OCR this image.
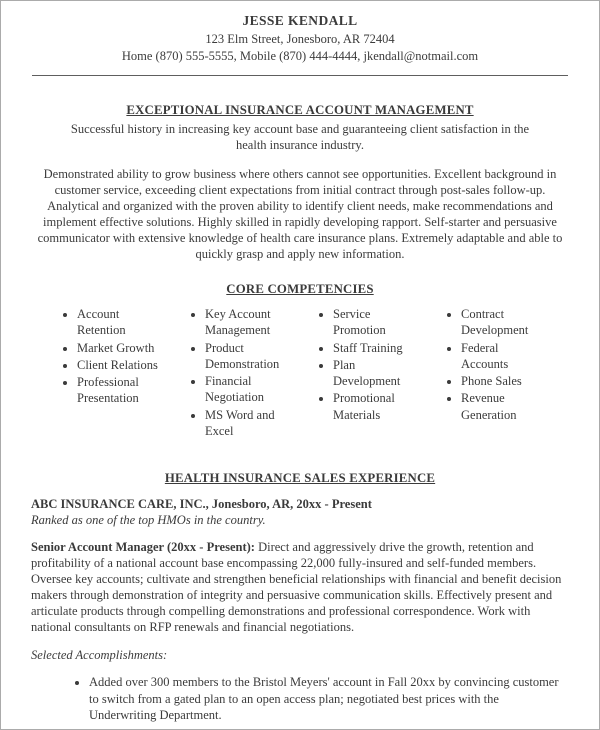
JESSE KENDALL
123 Elm Street, Jonesboro, AR 72404
Home (870) 555-5555, Mobile (870) 444-4444, jkendall@notmail.com
EXCEPTIONAL INSURANCE ACCOUNT MANAGEMENT

Successful history in increasing key account base and guaranteeing client satisfaction in the health insurance industry.

Demonstrated ability to grow business where others cannot see opportunities. Excellent background in customer service, exceeding client expectations from initial contract through post-sales follow-up. Analytical and organized with the proven ability to identify client needs, make recommendations and implement effective solutions. Highly skilled in rapidly developing rapport. Self-starter and persuasive communicator with extensive knowledge of health care insurance plans. Extremely adaptable and able to quickly grasp and apply new information.

CORE COMPETENCIES
• Account Retention
• Market Growth
• Client Relations
• Professional Presentation
• Key Account Management
• Product Demonstration
• Financial Negotiation
• MS Word and Excel
• Service Promotion
• Staff Training
• Plan Development
• Promotional Materials
• Contract Development
• Federal Accounts
• Phone Sales
• Revenue Generation
HEALTH INSURANCE SALES EXPERIENCE

ABC INSURANCE CARE, INC., Jonesboro, AR, 20xx - Present

Ranked as one of the top HMOs in the country.

Senior Account Manager (20xx - Present): Direct and aggressively drive the growth, retention and profitability of a national account base encompassing 22,000 fully-insured and self-funded members. Oversee key accounts; cultivate and strengthen beneficial relationships with financial and benefit decision makers through demonstration of integrity and persuasive communication skills. Effectively present and articulate products through compelling demonstrations and professional correspondence. Work with national consultants on RFP renewals and financial negotiations.

Selected Accomplishments:

• Added over 300 members to the Bristol Meyers' account in Fall 20xx by convincing customer to switch from a gated plan to an open access plan; negotiated best prices with the Underwriting Department.
